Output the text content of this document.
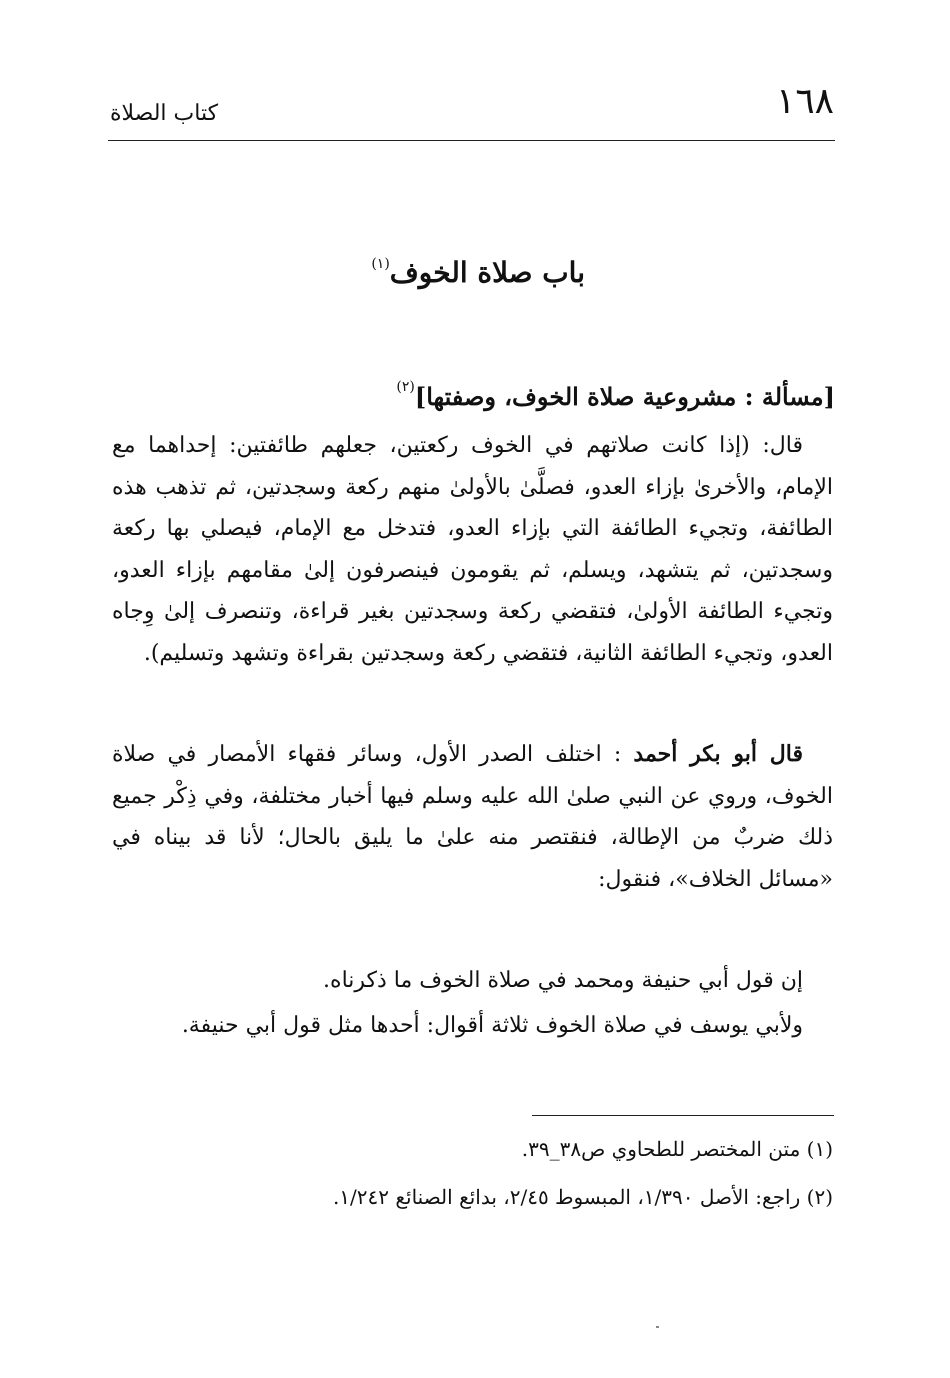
١٦٨
كتاب الصلاة
باب صلاة الخوف$^{(١)}$
[مسألة : مشروعية صلاة الخوف، وصفتها]$^{(٢)}$
قال: (إذا كانت صلاتهم في الخوف ركعتين، جعلهم طائفتين: إحداهما مع الإمام، والأخرىٰ بإزاء العدو، فصلَّىٰ بالأولىٰ منهم ركعة وسجدتين، ثم تذهب هذه الطائفة، وتجيء الطائفة التي بإزاء العدو، فتدخل مع الإمام، فيصلي بها ركعة وسجدتين، ثم يتشهد، ويسلم، ثم يقومون فينصرفون إلىٰ مقامهم بإزاء العدو، وتجيء الطائفة الأولىٰ، فتقضي ركعة وسجدتين بغير قراءة، وتنصرف إلىٰ وِجاه العدو، وتجيء الطائفة الثانية، فتقضي ركعة وسجدتين بقراءة وتشهد وتسليم).
قال أبو بكر أحمد : اختلف الصدر الأول، وسائر فقهاء الأمصار في صلاة الخوف، وروي عن النبي صلىٰ الله عليه وسلم فيها أخبار مختلفة، وفي ذِكْر جميع ذلك ضربٌ من الإطالة، فنقتصر منه علىٰ ما يليق بالحال؛ لأنا قد بيناه في «مسائل الخلاف»، فنقول:
إن قول أبي حنيفة ومحمد في صلاة الخوف ما ذكرناه.
ولأبي يوسف في صلاة الخوف ثلاثة أقوال: أحدها مثل قول أبي حنيفة.
(١) متن المختصر للطحاوي ص٣٨_٣٩.
(٢) راجع: الأصل ١/٣٩٠، المبسوط ٢/٤٥، بدائع الصنائع ١/٢٤٢.
